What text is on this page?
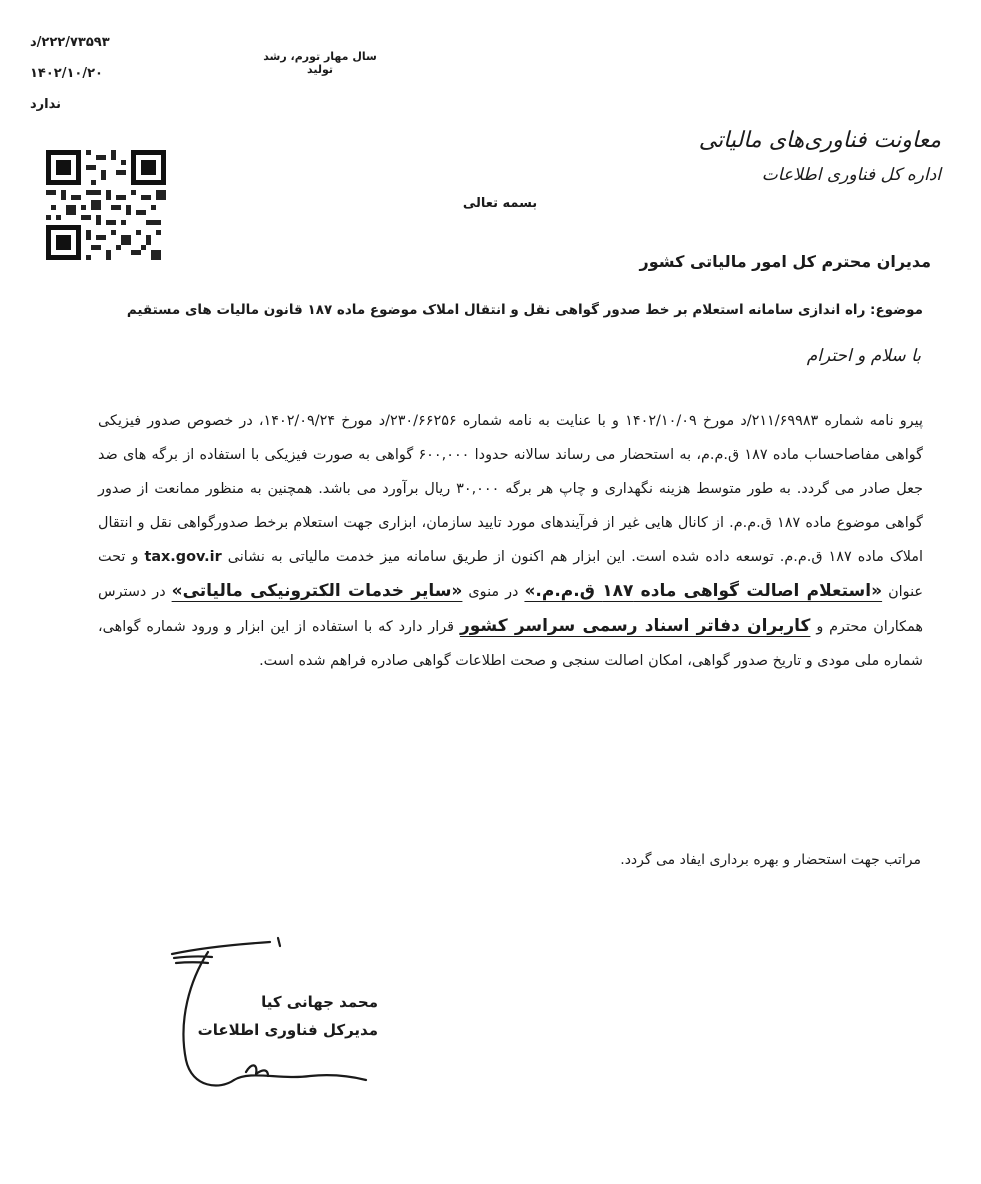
۲۲۲/۷۳۵۹۳/د
۱۴۰۲/۱۰/۲۰
ندارد
سال مهار تورم، رشد تولید
معاونت فناوری‌های مالیاتی
اداره کل فناوری اطلاعات
بسمه تعالی
مدیران محترم کل امور مالیاتی کشور
موضوع: راه اندازی سامانه استعلام بر خط صدور گواهی نقل و انتقال املاک موضوع ماده ۱۸۷ قانون مالیات های مستقیم
با سلام و احترام
پیرو نامه شماره ۲۱۱/۶۹۹۸۳/د مورخ ۱۴۰۲/۱۰/۰۹ و با عنایت به نامه شماره ۲۳۰/۶۶۲۵۶/د مورخ ۱۴۰۲/۰۹/۲۴، در خصوص صدور فیزیکی گواهی مفاصاحساب ماده ۱۸۷ ق.م.م، به استحضار می رساند سالانه حدودا ۶۰۰,۰۰۰ گواهی به صورت فیزیکی با استفاده از برگه های ضد جعل صادر می گردد. به طور متوسط هزینه نگهداری و چاپ هر برگه ۳۰,۰۰۰ ریال برآورد می باشد. همچنین به منظور ممانعت از صدور گواهی موضوع ماده ۱۸۷ ق.م.م. از کانال هایی غیر از فرآیندهای مورد تایید سازمان، ابزاری جهت استعلام برخط صدورگواهی نقل و انتقال املاک ماده ۱۸۷ ق.م.م. توسعه داده شده است. این ابزار هم اکنون از طریق سامانه میز خدمت مالیاتی به نشانی tax.gov.ir و تحت عنوان «استعلام اصالت گواهی ماده ۱۸۷ ق.م.م.» در منوی «سایر خدمات الکترونیکی مالیاتی» در دسترس همکاران محترم و کاربران دفاتر اسناد رسمی سراسر کشور قرار دارد که با استفاده از این ابزار و ورود شماره گواهی، شماره ملی مودی و تاریخ صدور گواهی، امکان اصالت سنجی و صحت اطلاعات گواهی صادره فراهم شده است.
مراتب جهت استحضار و بهره برداری ایفاد می گردد.
محمد جهانی کیا
مدیرکل فناوری اطلاعات
